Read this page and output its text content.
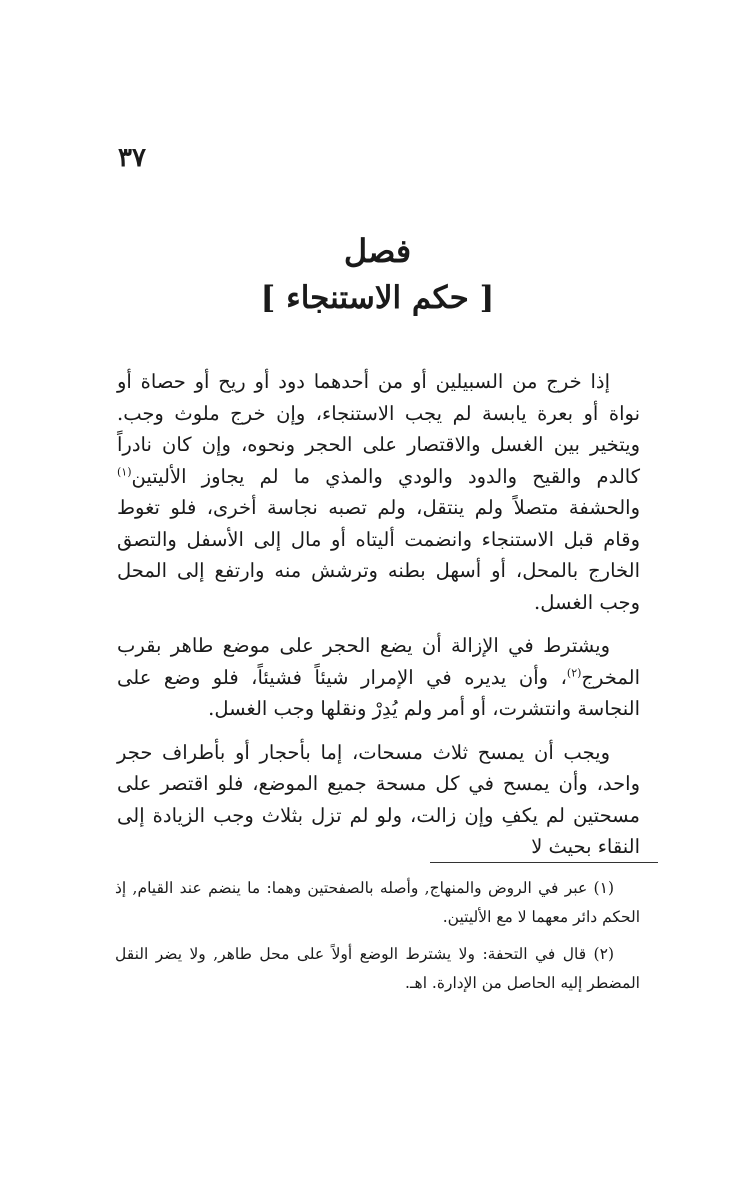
٣٧
فصل
[ حكم الاستنجاء ]

إذا خرج من السبيلين أو من أحدهما دود أو ريح أو حصاة أو نواة أو بعرة يابسة لم يجب الاستنجاء، وإن خرج ملوث وجب. ويتخير بين الغسل والاقتصار على الحجر ونحوه، وإن كان نادراً كالدم والقيح والدود والودي والمذي ما لم يجاوز الأليتين$^{(١)}$ والحشفة متصلاً ولم ينتقل، ولم تصبه نجاسة أخرى، فلو تغوط وقام قبل الاستنجاء وانضمت أليتاه أو مال إلى الأسفل والتصق الخارج بالمحل، أو أسهل بطنه وترشش منه وارتفع إلى المحل وجب الغسل.

ويشترط في الإزالة أن يضع الحجر على موضع طاهر بقرب المخرج$^{(٢)}$، وأن يديره في الإمرار شيئاً فشيئاً، فلو وضع على النجاسة وانتشرت، أو أمر ولم يُدِرْ ونقلها وجب الغسل.

ويجب أن يمسح ثلاث مسحات، إما بأحجار أو بأطراف حجر واحد، وأن يمسح في كل مسحة جميع الموضع، فلو اقتصر على مسحتين لم يكفِ وإن زالت، ولو لم تزل بثلاث وجب الزيادة إلى النقاء بحيث لا

(١) عبر في الروض والمنهاج, وأصله بالصفحتين وهما: ما ينضم عند القيام, إذ الحكم دائر معهما لا مع الأليتين.

(٢) قال في التحفة: ولا يشترط الوضع أولاً على محل طاهر, ولا يضر النقل المضطر إليه الحاصل من الإدارة. اهـ.
